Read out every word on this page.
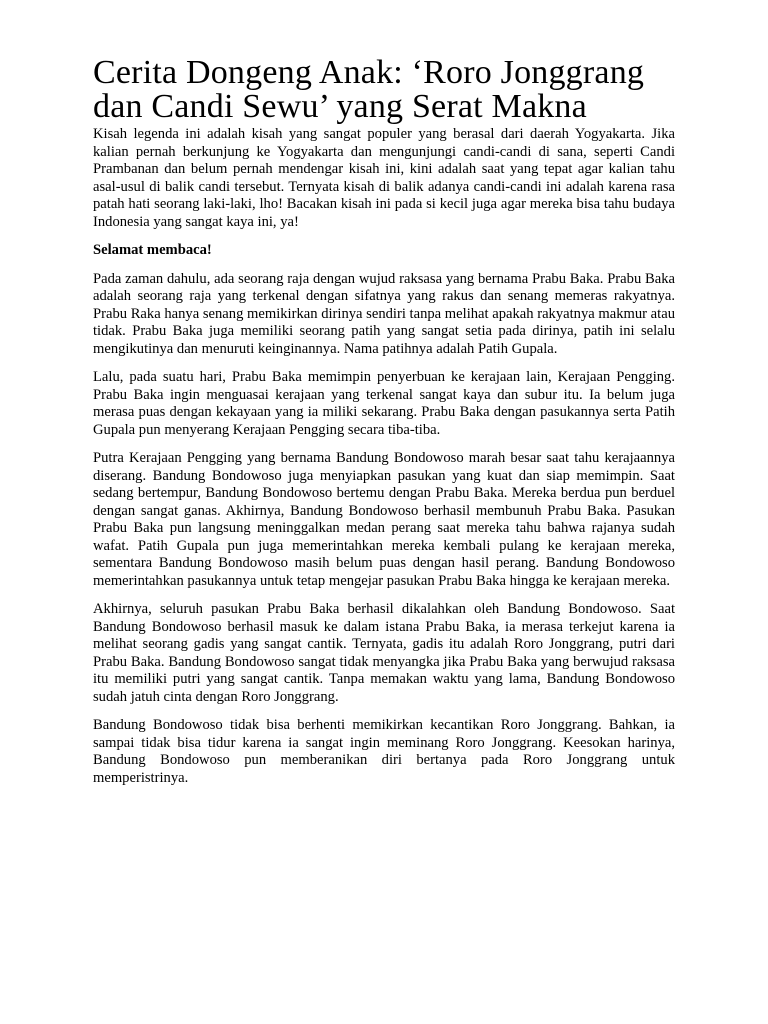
Cerita Dongeng Anak: ‘Roro Jonggrang dan Candi Sewu’ yang Serat Makna

Kisah legenda ini adalah kisah yang sangat populer yang berasal dari daerah Yogyakarta. Jika kalian pernah berkunjung ke Yogyakarta dan mengunjungi candi-candi di sana, seperti Candi Prambanan dan belum pernah mendengar kisah ini, kini adalah saat yang tepat agar kalian tahu asal-usul di balik candi tersebut. Ternyata kisah di balik adanya candi-candi ini adalah karena rasa patah hati seorang laki-laki, lho! Bacakan kisah ini pada si kecil juga agar mereka bisa tahu budaya Indonesia yang sangat kaya ini, ya!

Selamat membaca!

Pada zaman dahulu, ada seorang raja dengan wujud raksasa yang bernama Prabu Baka. Prabu Baka adalah seorang raja yang terkenal dengan sifatnya yang rakus dan senang memeras rakyatnya. Prabu Raka hanya senang memikirkan dirinya sendiri tanpa melihat apakah rakyatnya makmur atau tidak. Prabu Baka juga memiliki seorang patih yang sangat setia pada dirinya, patih ini selalu mengikutinya dan menuruti keinginannya. Nama patihnya adalah Patih Gupala.

Lalu, pada suatu hari, Prabu Baka memimpin penyerbuan ke kerajaan lain, Kerajaan Pengging. Prabu Baka ingin menguasai kerajaan yang terkenal sangat kaya dan subur itu. Ia belum juga merasa puas dengan kekayaan yang ia miliki sekarang. Prabu Baka dengan pasukannya serta Patih Gupala pun menyerang Kerajaan Pengging secara tiba-tiba.

Putra Kerajaan Pengging yang bernama Bandung Bondowoso marah besar saat tahu kerajaannya diserang. Bandung Bondowoso juga menyiapkan pasukan yang kuat dan siap memimpin. Saat sedang bertempur, Bandung Bondowoso bertemu dengan Prabu Baka. Mereka berdua pun berduel dengan sangat ganas. Akhirnya, Bandung Bondowoso berhasil membunuh Prabu Baka. Pasukan Prabu Baka pun langsung meninggalkan medan perang saat mereka tahu bahwa rajanya sudah wafat. Patih Gupala pun juga memerintahkan mereka kembali pulang ke kerajaan mereka, sementara Bandung Bondowoso masih belum puas dengan hasil perang. Bandung Bondowoso memerintahkan pasukannya untuk tetap mengejar pasukan Prabu Baka hingga ke kerajaan mereka.

Akhirnya, seluruh pasukan Prabu Baka berhasil dikalahkan oleh Bandung Bondowoso. Saat Bandung Bondowoso berhasil masuk ke dalam istana Prabu Baka, ia merasa terkejut karena ia melihat seorang gadis yang sangat cantik. Ternyata, gadis itu adalah Roro Jonggrang, putri dari Prabu Baka. Bandung Bondowoso sangat tidak menyangka jika Prabu Baka yang berwujud raksasa itu memiliki putri yang sangat cantik. Tanpa memakan waktu yang lama, Bandung Bondowoso sudah jatuh cinta dengan Roro Jonggrang.

Bandung Bondowoso tidak bisa berhenti memikirkan kecantikan Roro Jonggrang. Bahkan, ia sampai tidak bisa tidur karena ia sangat ingin meminang Roro Jonggrang. Keesokan harinya, Bandung Bondowoso pun memberanikan diri bertanya pada Roro Jonggrang untuk memperistrinya.
